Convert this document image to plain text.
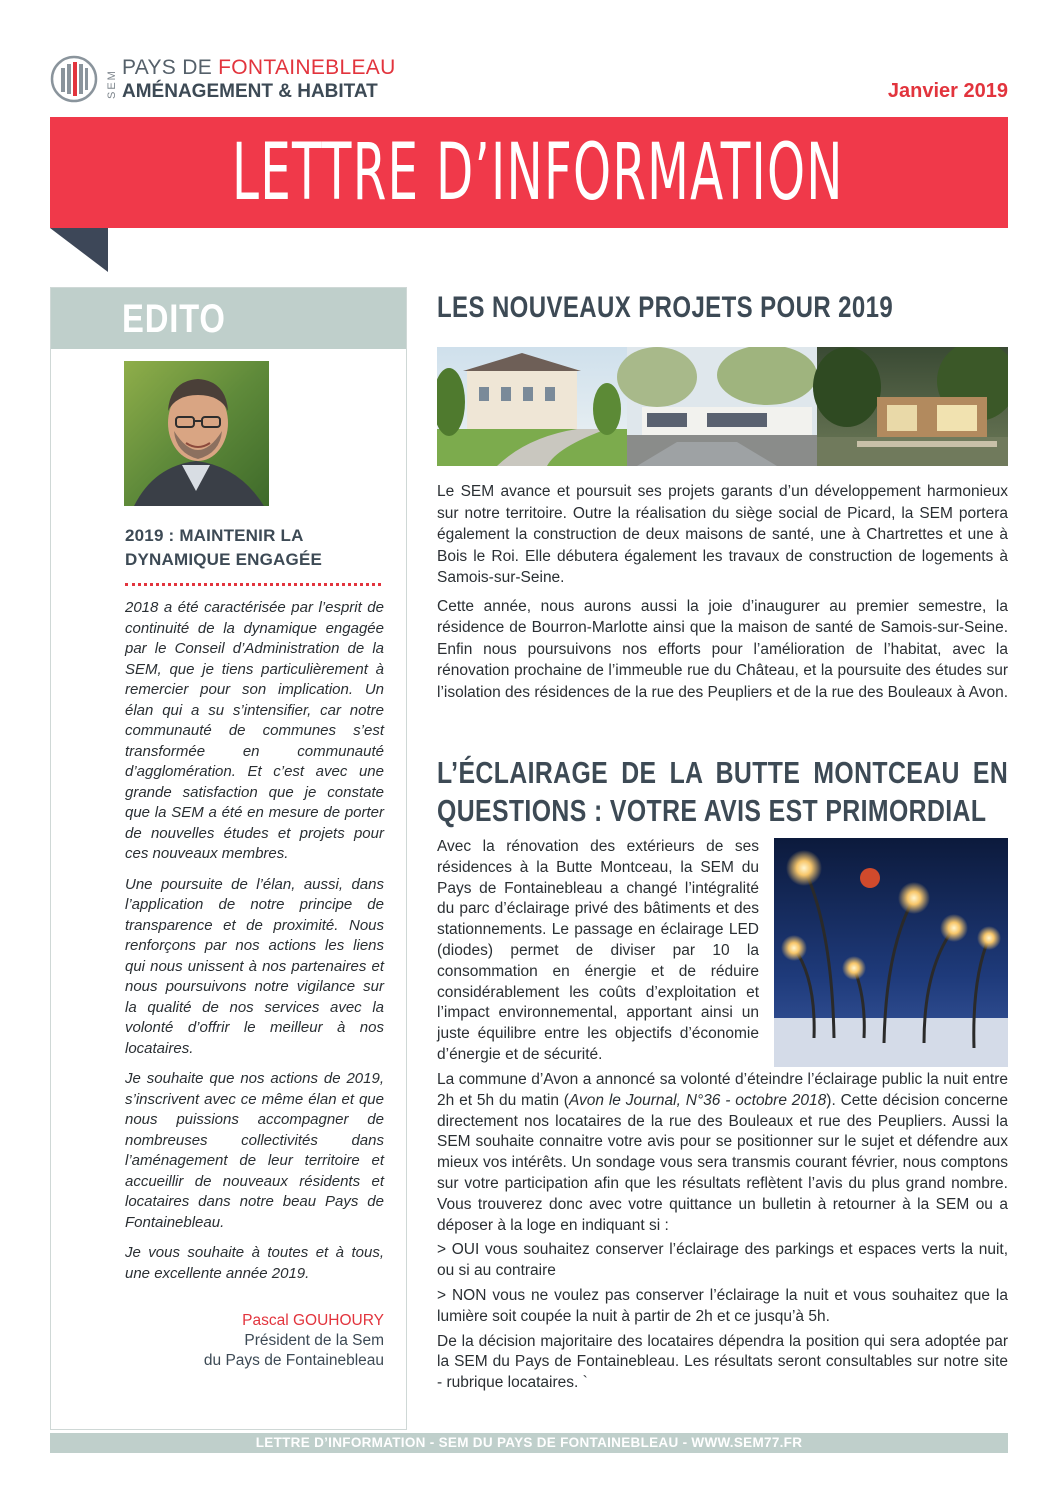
SEM
PAYS DE FONTAINEBLEAU
AMÉNAGEMENT & HABITAT	Janvier 2019
LETTRE D’INFORMATION
EDITO
2019 : MAINTENIR LA DYNAMIQUE ENGAGÉE

2018 a été caractérisée par l’esprit de continuité de la dynamique engagée par le Conseil d’Administration de la SEM, que je tiens particulièrement à remercier pour son implication. Un élan qui a su s’intensifier, car notre communauté de communes s’est transformée en communauté d’agglomération. Et c’est avec une grande satisfaction que je constate que la SEM a été en mesure de porter de nouvelles études et projets pour ces nouveaux membres.

Une poursuite de l’élan, aussi, dans l’application de notre principe de transparence et de proximité. Nous renforçons par nos actions les liens qui nous unissent à nos partenaires et nous poursuivons notre vigilance sur la qualité de nos services avec la volonté d’offrir le meilleur à nos locataires.

Je souhaite que nos actions de 2019, s’inscrivent avec ce même élan et que nous puissions accompagner de nombreuses collectivités dans l’aménagement de leur territoire et accueillir de nouveaux résidents et locataires dans notre beau Pays de Fontainebleau.

Je vous souhaite à toutes et à tous, une excellente année 2019.

Pascal GOUHOURY
Président de la Sem
du Pays de Fontainebleau
LES NOUVEAUX PROJETS POUR 2019

Le SEM avance et poursuit ses projets garants d’un développement harmonieux sur notre territoire. Outre la réalisation du siège social de Picard, la SEM portera également la construction de deux maisons de santé, une à Chartrettes et une à Bois le Roi. Elle débutera également les travaux de construction de logements à Samois-sur-Seine.

Cette année, nous aurons aussi la joie d’inaugurer au premier semestre, la résidence de Bourron-Marlotte ainsi que la maison de santé de Samois-sur-Seine. Enfin nous poursuivons nos efforts pour l’amélioration de l’habitat, avec la rénovation prochaine de l’immeuble rue du Château, et la poursuite des études sur l’isolation des résidences de la rue des Peupliers et de la rue des Bouleaux à Avon.

L’ÉCLAIRAGE DE LA BUTTE MONTCEAU EN QUESTIONS : VOTRE AVIS EST PRIMORDIAL
Avec la rénovation des extérieurs de ses résidences à la Butte Montceau, la SEM du Pays de Fontainebleau a changé l’intégralité du parc d’éclairage privé des bâtiments et des stationnements. Le passage en éclairage LED (diodes) permet de diviser par 10 la consommation en énergie et de réduire considérablement les coûts d’exploitation et l’impact environnemental, apportant ainsi un juste équilibre entre les objectifs d’économie d’énergie et de sécurité.

La commune d’Avon a annoncé sa volonté d’éteindre l’éclairage public la nuit entre 2h et 5h du matin (Avon le Journal, N°36 - octobre 2018). Cette décision concerne directement nos locataires de la rue des Bouleaux et rue des Peupliers. Aussi la SEM souhaite connaitre votre avis pour se positionner sur le sujet et défendre aux mieux vos intérêts. Un sondage vous sera transmis courant février, nous comptons sur votre participation afin que les résultats reflètent l’avis du plus grand nombre. Vous trouverez donc avec votre quittance un bulletin à retourner à la SEM ou a déposer à la loge en indiquant si :

> OUI vous souhaitez conserver l’éclairage des parkings et espaces verts la nuit, ou si au contraire

> NON vous ne voulez pas conserver l’éclairage la nuit et vous souhaitez que la lumière soit coupée la nuit à partir de 2h et ce jusqu’à 5h.

De la décision majoritaire des locataires dépendra la position qui sera adoptée par la SEM du Pays de Fontainebleau. Les résultats seront consultables sur notre site - rubrique locataires. `

LETTRE D’INFORMATION - SEM DU PAYS DE FONTAINEBLEAU - WWW.SEM77.FR
